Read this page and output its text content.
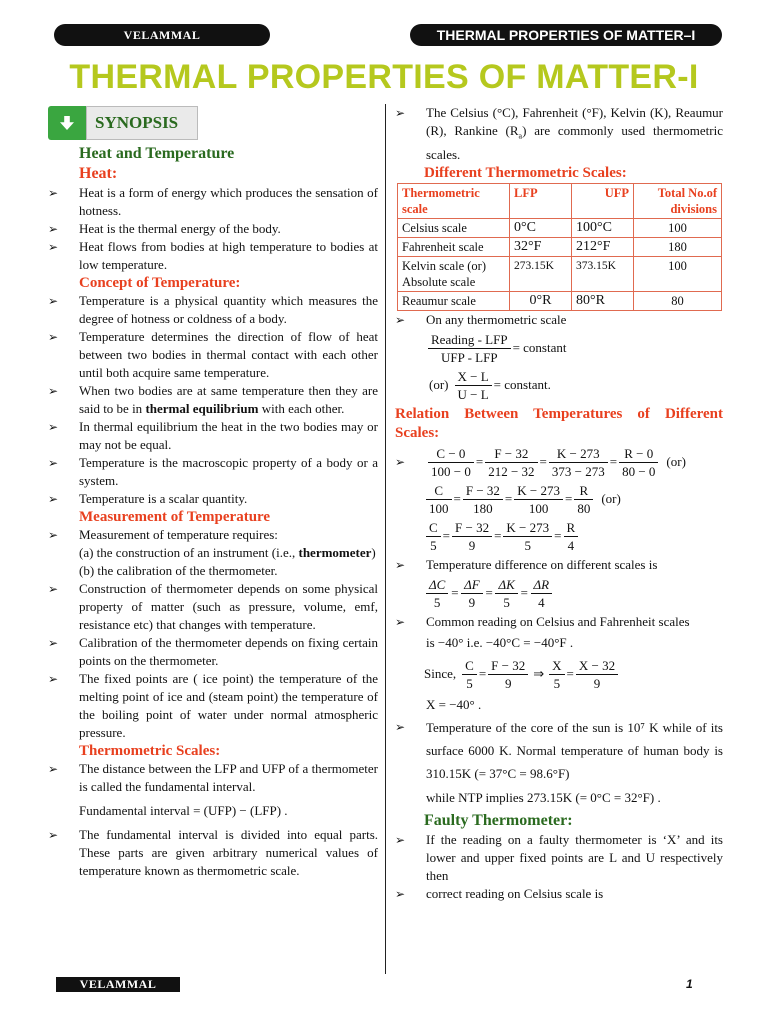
VELAMMAL	THERMAL PROPERTIES OF MATTER–I
THERMAL PROPERTIES OF MATTER-I
SYNOPSIS
Heat and Temperature
Heat:
➢ Heat is a form of energy which produces the sensation of hotness.
➢ Heat is the thermal energy of the body.
➢ Heat flows from bodies at high temperature to bodies at low temperature.
Concept of Temperature:
➢ Temperature is a physical quantity which measures the degree of hotness or coldness of a body.
➢ Temperature determines the direction of flow of heat between two bodies in thermal contact with each other until both acquire same temperature.
➢ When two bodies are at same temperature then they are said to be in thermal equilibrium with each other.
➢ In thermal equilibrium the heat in the two bodies may or may not be equal.
➢ Temperature is the macroscopic property of a body or a system.
➢ Temperature is a scalar quantity.
Measurement of Temperature
➢ Measurement of temperature requires:
(a) the construction of an instrument (i.e., thermometer)
(b) the calibration of the thermometer.
➢ Construction of thermometer depends on some physical property of matter (such as pressure, volume, emf, resistance etc) that changes with temperature.
➢ Calibration of the thermometer depends on fixing certain points on the thermometer.
➢ The fixed points are ( ice point) the temperature of the melting point of ice and (steam point) the temperature of the boiling point of water under normal atmospheric pressure.
Thermometric Scales:
➢ The distance between the LFP and UFP of a thermometer is called the fundamental interval.
Fundamental interval = (UFP) − (LFP) .
➢ The fundamental interval is divided into equal parts. These parts are given arbitrary numerical values of temperature known as thermometric scale.
➢ The Celsius (°C), Fahrenheit (°F), Kelvin (K), Reaumur (R), Rankine $(R_a)$ are commonly used thermometric scales.
Different Thermometric Scales:
Thermometric scale	LFP	UFP	Total No.of divisions
Celsius scale	0°C	100°C	100
Fahrenheit scale	32°F	212°F	180
Kelvin scale (or) Absolute scale	273.15K	373.15K	100
Reaumur scale	0°R	80°R	80
➢ On any thermometric scale
$\frac{\text{Reading - LFP}}{\text{UFP - LFP}}$ = constant
$(or) \frac{X - L}{U - L}$ = constant.
Relation Between Temperatures of Different Scales:
➢	$\frac{C - 0}{100 - 0} = \frac{F - 32}{212 - 32} = \frac{K - 273}{373 - 273} = \frac{R - 0}{80 - 0} (or)$
$\frac{C}{100} = \frac{F - 32}{180} = \frac{K - 273}{100} = \frac{R}{80} (or)$
$\frac{C}{5} = \frac{F - 32}{9} = \frac{K - 273}{5} = \frac{R}{4}$
➢ Temperature difference on different scales is
$\frac{\Delta C}{5} = \frac{\Delta F}{9} = \frac{\Delta K}{5} = \frac{\Delta R}{4}$
➢ Common reading on Celsius and Fahrenheit scales
is −40° i.e. −40°C = −40°F .
Since, $\frac{C}{5} = \frac{F - 32}{9}$ ⇒ $\frac{X}{5} = \frac{X - 32}{9}$
X = −40° .
➢ Temperature of the core of the sun is 10⁷ K while of its surface 6000 K. Normal temperature of human body is 310.15K (= 37°C = 98.6°F)
while NTP implies 273.15K (= 0°C = 32°F) .
Faulty Thermometer:
➢ If the reading on a faulty thermometer is ‘X’ and its lower and upper fixed points are L and U respectively then
➢ correct reading on Celsius scale is
VELAMMAL	1
